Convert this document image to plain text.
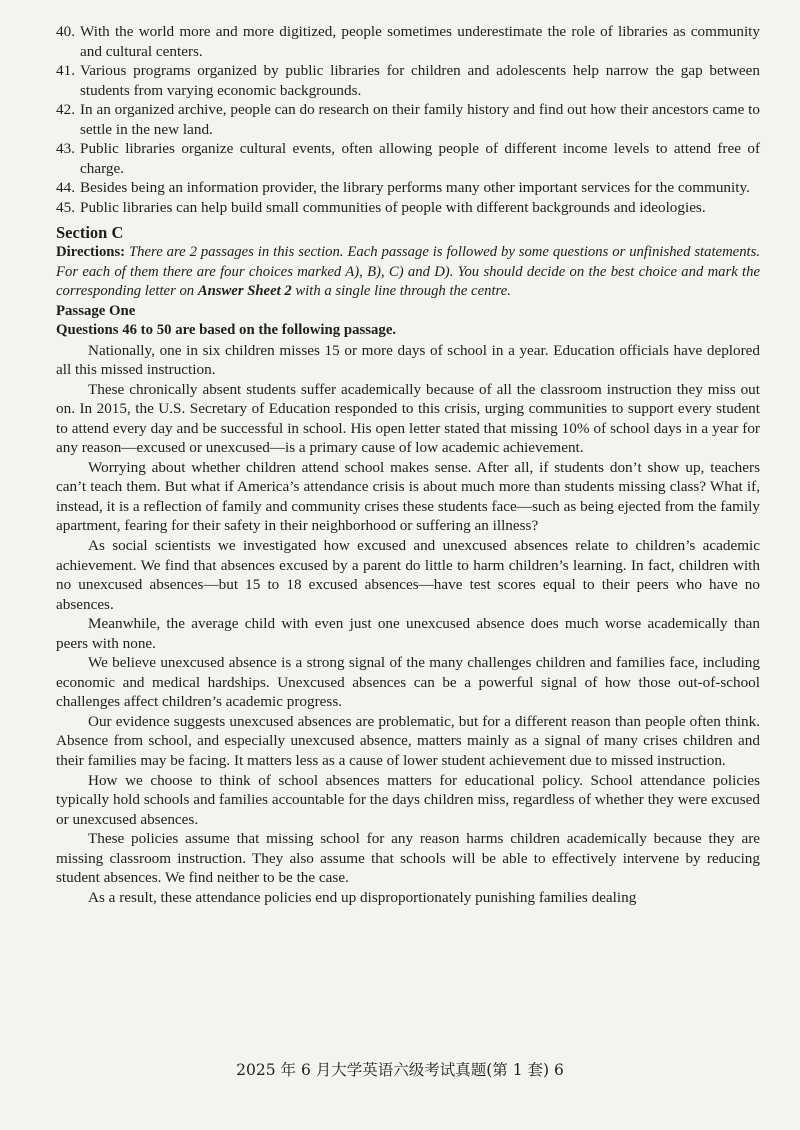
40. With the world more and more digitized, people sometimes underestimate the role of libraries as community and cultural centers.
41. Various programs organized by public libraries for children and adolescents help narrow the gap between students from varying economic backgrounds.
42. In an organized archive, people can do research on their family history and find out how their ancestors came to settle in the new land.
43. Public libraries organize cultural events, often allowing people of different income levels to attend free of charge.
44. Besides being an information provider, the library performs many other important services for the community.
45. Public libraries can help build small communities of people with different backgrounds and ideologies.
Section C
Directions: There are 2 passages in this section. Each passage is followed by some questions or unfinished statements. For each of them there are four choices marked A), B), C) and D). You should decide on the best choice and mark the corresponding letter on Answer Sheet 2 with a single line through the centre.
Passage One
Questions 46 to 50 are based on the following passage.

Nationally, one in six children misses 15 or more days of school in a year. Education officials have deplored all this missed instruction.

These chronically absent students suffer academically because of all the classroom instruction they miss out on. In 2015, the U.S. Secretary of Education responded to this crisis, urging communities to support every student to attend every day and be successful in school. His open letter stated that missing 10% of school days in a year for any reason—excused or unexcused—is a primary cause of low academic achievement.

Worrying about whether children attend school makes sense. After all, if students don’t show up, teachers can’t teach them. But what if America’s attendance crisis is about much more than students missing class? What if, instead, it is a reflection of family and community crises these students face—such as being ejected from the family apartment, fearing for their safety in their neighborhood or suffering an illness?

As social scientists we investigated how excused and unexcused absences relate to children’s academic achievement. We find that absences excused by a parent do little to harm children’s learning. In fact, children with no unexcused absences—but 15 to 18 excused absences—have test scores equal to their peers who have no absences.

Meanwhile, the average child with even just one unexcused absence does much worse academically than peers with none.

We believe unexcused absence is a strong signal of the many challenges children and families face, including economic and medical hardships. Unexcused absences can be a powerful signal of how those out-of-school challenges affect children’s academic progress.

Our evidence suggests unexcused absences are problematic, but for a different reason than people often think. Absence from school, and especially unexcused absence, matters mainly as a signal of many crises children and their families may be facing. It matters less as a cause of lower student achievement due to missed instruction.

How we choose to think of school absences matters for educational policy. School attendance policies typically hold schools and families accountable for the days children miss, regardless of whether they were excused or unexcused absences.

These policies assume that missing school for any reason harms children academically because they are missing classroom instruction. They also assume that schools will be able to effectively intervene by reducing student absences. We find neither to be the case.

As a result, these attendance policies end up disproportionately punishing families dealing

2025 年 6 月大学英语六级考试真题(第 1 套) 6
